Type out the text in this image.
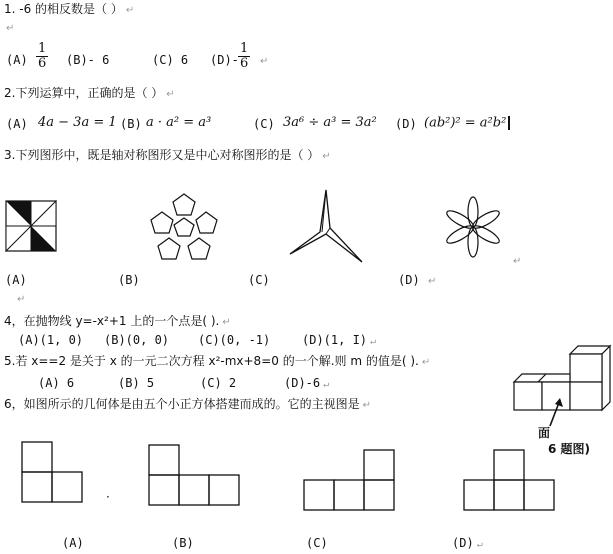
1. -6 的相反数是（ ） ↵
↵
$(A) \frac{1}{6} (B)-$ 6	(C) 6 $(D)- \frac{1}{6}$ ↵
2.下列运算中，正确的是（ ） ↵
(A) 4a − 3a = 1 (B) a · a² = a³	(C) 3a⁶ ÷ a³ = 3a² (D) (ab²)² = a²b²
3.下列图形中，既是轴对称图形又是中心对称图形的是（ ） ↵
(A)	(B)	(C)	(D) ↵
↵
↵
4，在抛物线 y=-x²+1 上的一个点是( ). ↵
(A)(1, 0) (B)(0, 0) (C)(0, -1)	(D)(1, I) ↵
5.若 x==2 是关于 x 的一元二次方程 x²-mx+8=0 的一个解.则 m 的值是( ). ↵
(A) 6	(B) 5	(C) 2	(D)-6 ↵
6，如图所示的几何体是由五个小正方体搭建而成的。它的主视图是 ↵
面
6 题图)
·
(A)	(B)	(C)	(D) ↵
